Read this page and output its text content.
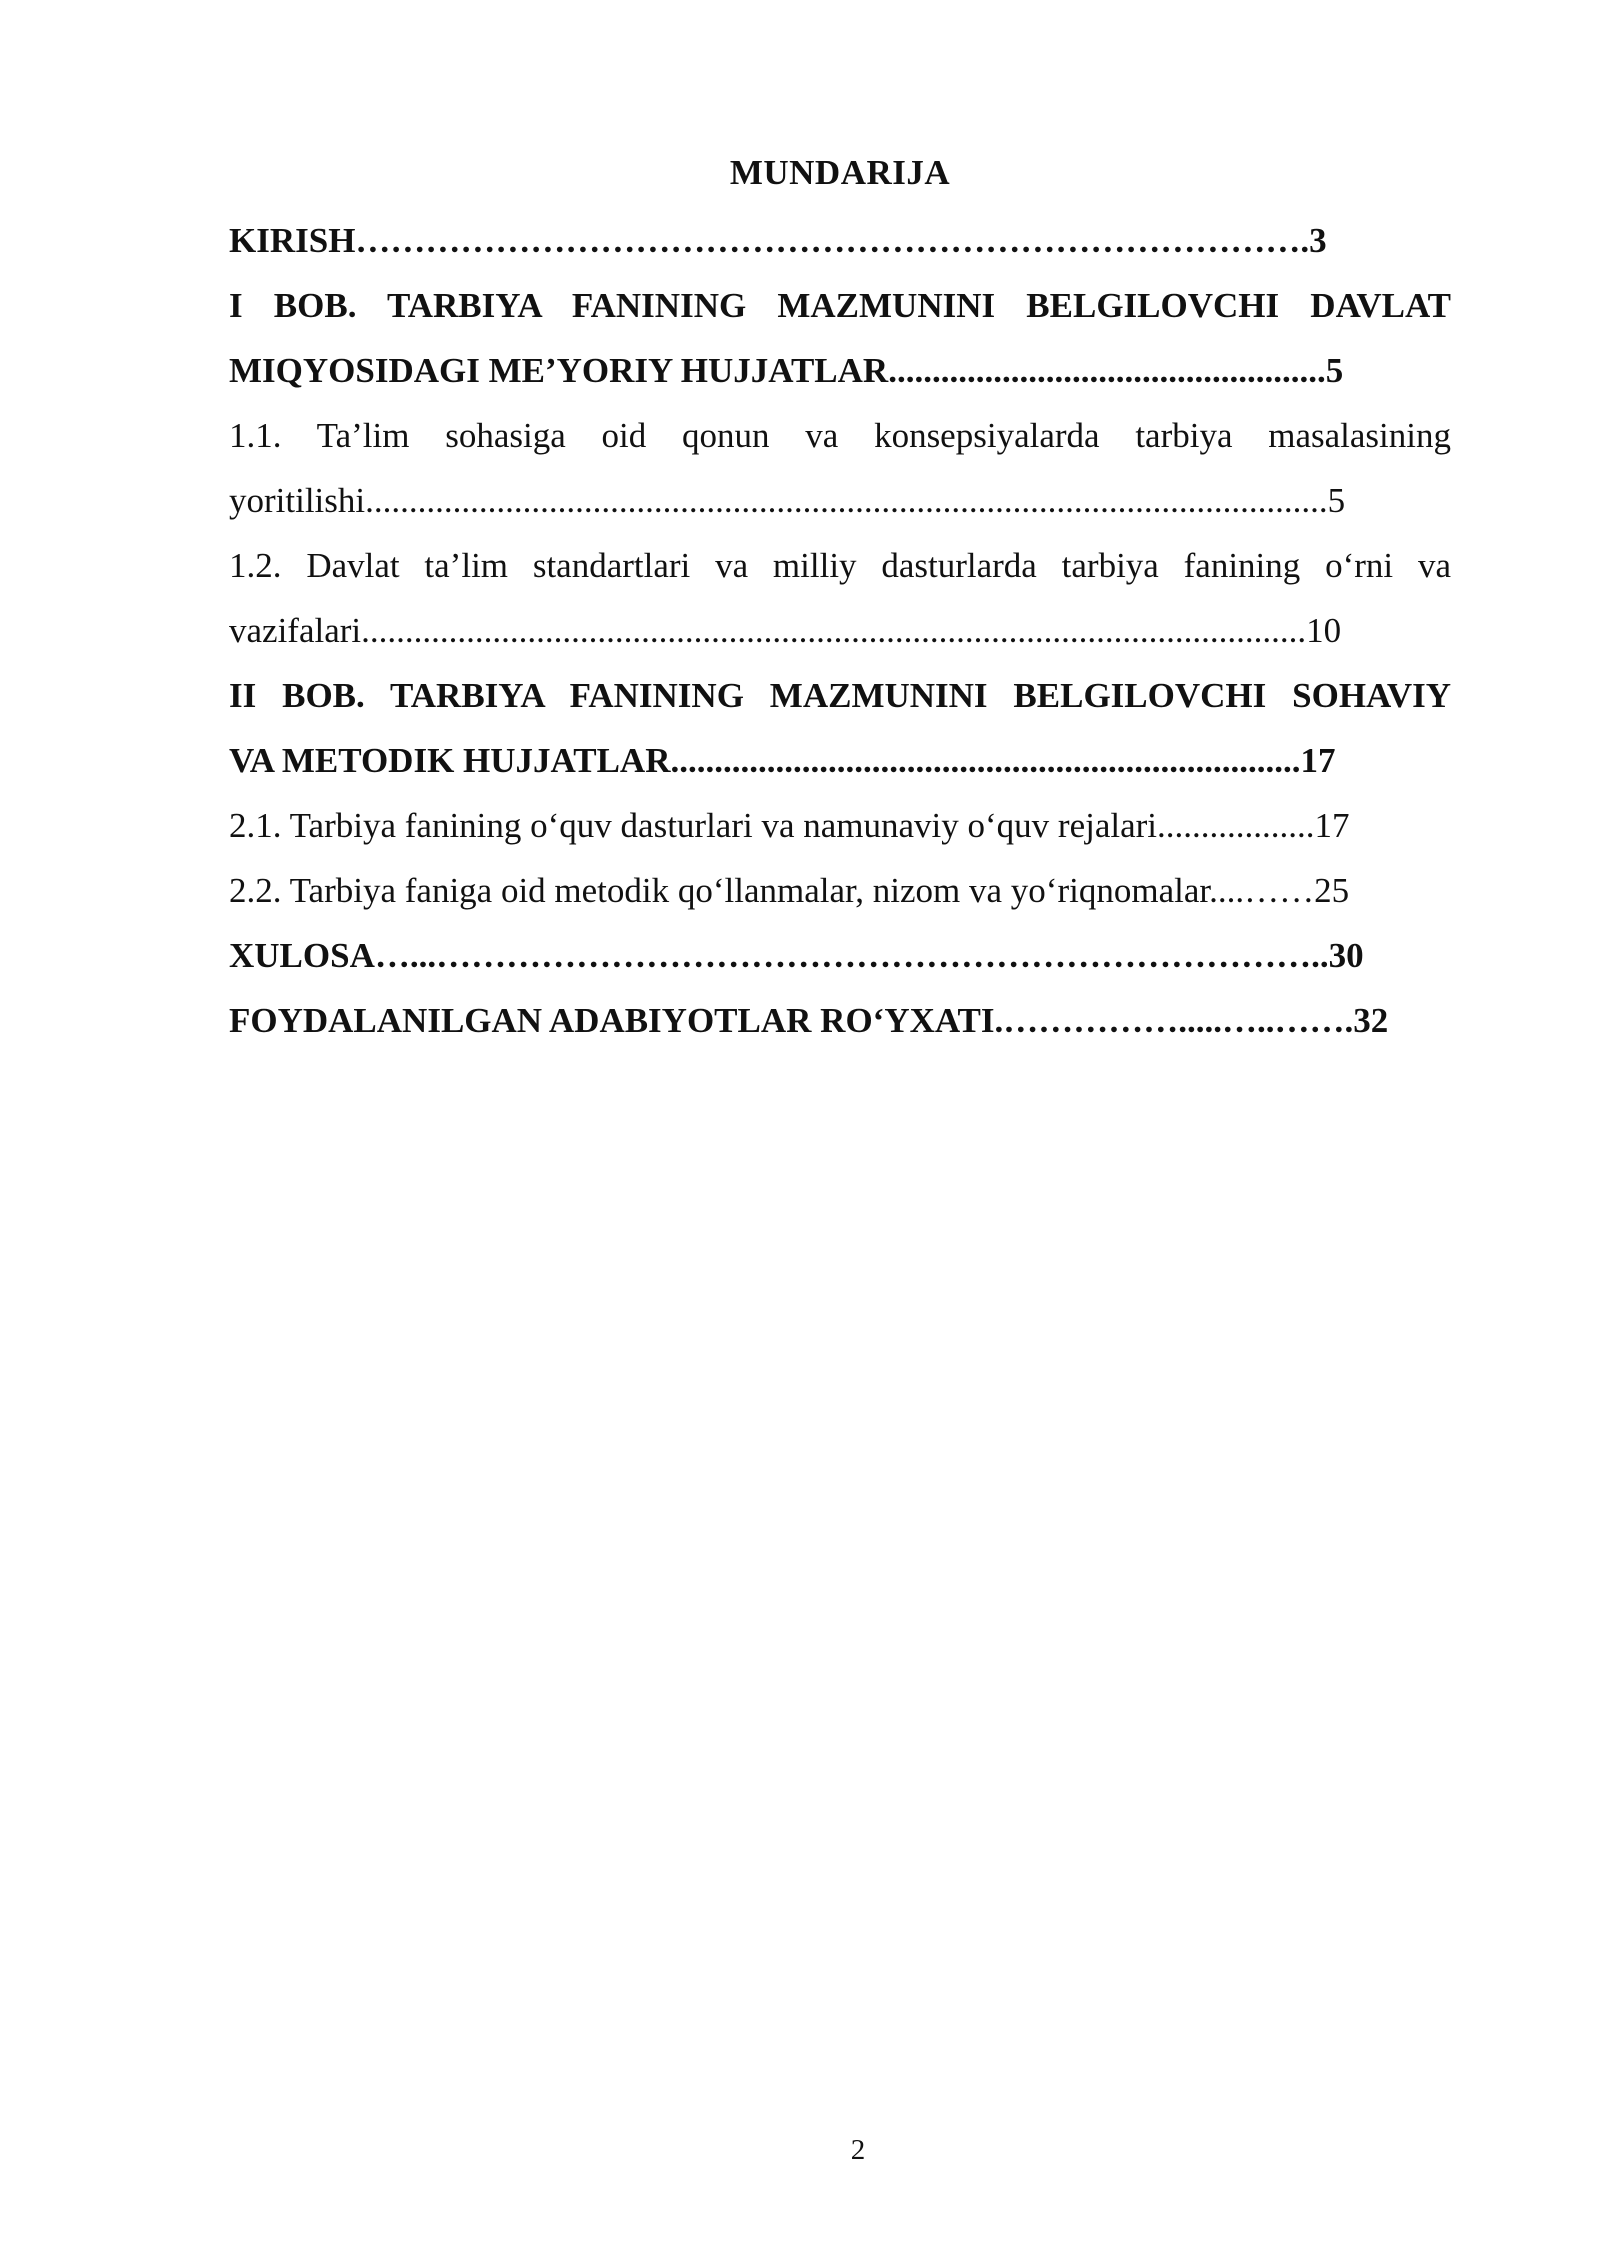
MUNDARIJA
KIRISH……………………………………………………………………….3
I BOB. TARBIYA FANINING MAZMUNINI BELGILOVCHI DAVLAT
MIQYOSIDAGI ME’YORIY HUJJATLAR..................................................5
1.1. Ta’lim sohasiga oid qonun va konsepsiyalarda tarbiya masalasining
yoritilishi..............................................................................................................5
1.2. Davlat ta’lim standartlari va milliy dasturlarda tarbiya fanining o‘rni va
vazifalari............................................................................................................10
II BOB. TARBIYA FANINING MAZMUNINI BELGILOVCHI SOHAVIY
VA METODIK HUJJATLAR........................................................................17
2.1. Tarbiya fanining o‘quv dasturlari va namunaviy o‘quv rejalari..................17
2.2. Tarbiya faniga oid metodik qo‘llanmalar, nizom va yo‘riqnomalar....……25
XULOSA…...…………………………………………………………………..30
FOYDALANILGAN ADABIYOTLAR RO‘YXATI.…………….....…..…….32
2
